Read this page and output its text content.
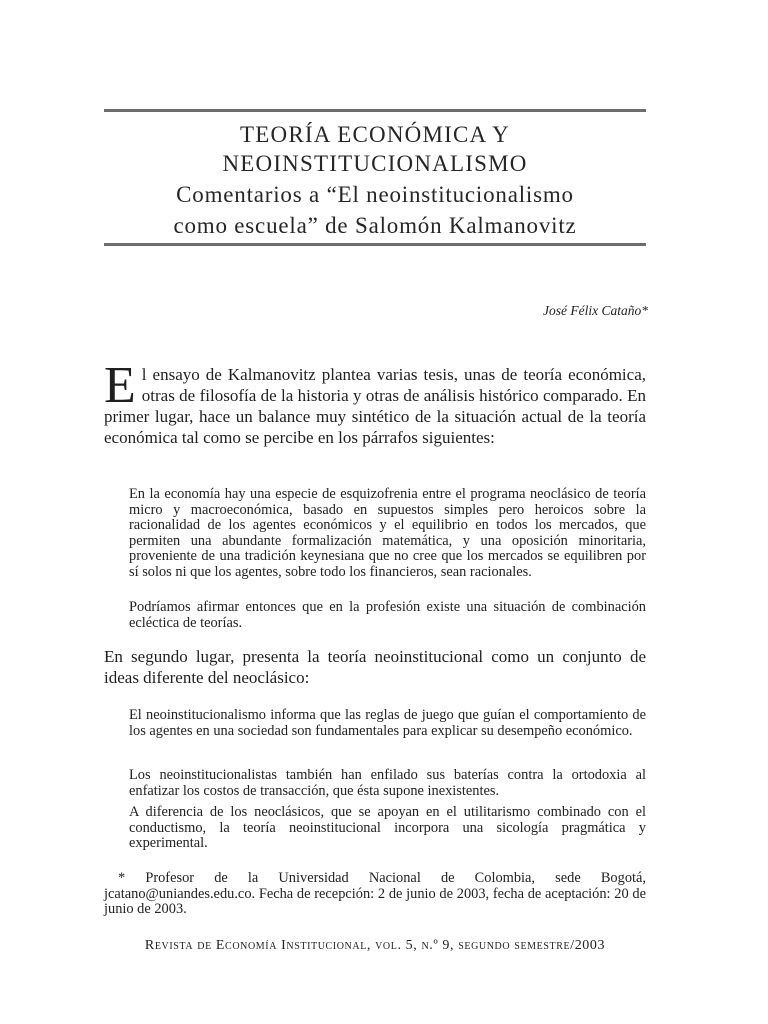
TEORÍA ECONÓMICA Y
NEOINSTITUCIONALISMO
Comentarios a “El neoinstitucionalismo
como escuela” de Salomón Kalmanovitz
José Félix Cataño*

El ensayo de Kalmanovitz plantea varias tesis, unas de teoría económica, otras de filosofía de la historia y otras de análisis histórico comparado. En primer lugar, hace un balance muy sintético de la situación actual de la teoría económica tal como se percibe en los párrafos siguientes:

En la economía hay una especie de esquizofrenia entre el programa neoclásico de teoría micro y macroeconómica, basado en supuestos simples pero heroicos sobre la racionalidad de los agentes económicos y el equilibrio en todos los mercados, que permiten una abundante formalización matemática, y una oposición minoritaria, proveniente de una tradición keynesiana que no cree que los mercados se equilibren por sí solos ni que los agentes, sobre todo los financieros, sean racionales.

Podríamos afirmar entonces que en la profesión existe una situación de combinación ecléctica de teorías.

En segundo lugar, presenta la teoría neoinstitucional como un conjunto de ideas diferente del neoclásico:

El neoinstitucionalismo informa que las reglas de juego que guían el comportamiento de los agentes en una sociedad son fundamentales para explicar su desempeño económico.

Los neoinstitucionalistas también han enfilado sus baterías contra la ortodoxia al enfatizar los costos de transacción, que ésta supone inexistentes.

A diferencia de los neoclásicos, que se apoyan en el utilitarismo combinado con el conductismo, la teoría neoinstitucional incorpora una sicología pragmática y experimental.

* Profesor de la Universidad Nacional de Colombia, sede Bogotá, jcatano@uniandes.edu.co. Fecha de recepción: 2 de junio de 2003, fecha de aceptación: 20 de junio de 2003.

Revista de Economía Institucional, vol. 5, n.º 9, segundo semestre/2003
